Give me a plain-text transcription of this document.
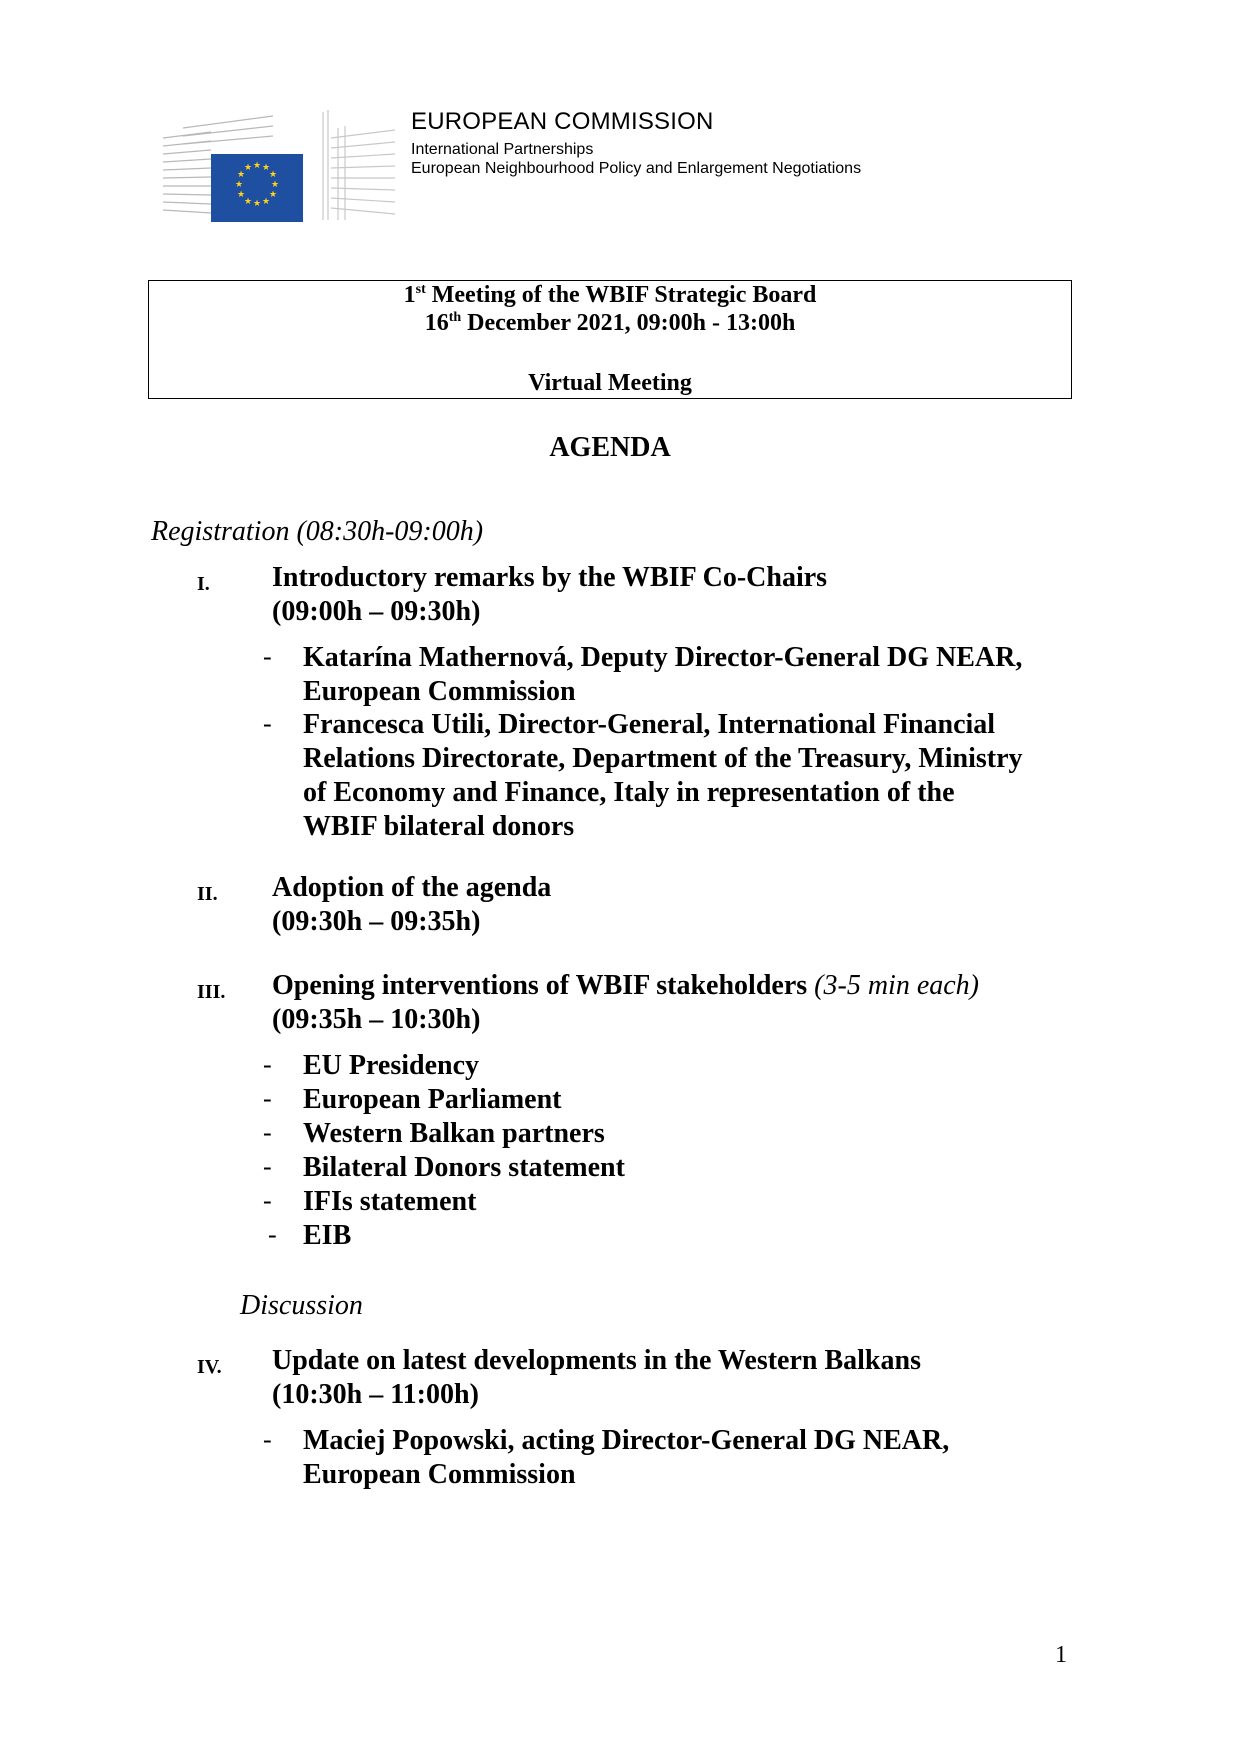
★ ★
★
★
★
★
★
★
★
★
★
★
EUROPEAN COMMISSION
International Partnerships
European Neighbourhood Policy and Enlargement Negotiations
1st Meeting of the WBIF Strategic Board
16th December 2021, 09:00h - 13:00h
Virtual Meeting
AGENDA
Registration (08:30h-09:00h)
I. Introductory remarks by the WBIF Co-Chairs
(09:00h – 09:30h)
- Katarína Mathernová, Deputy Director-General DG NEAR,
European Commission
- Francesca Utili, Director-General, International Financial
Relations Directorate, Department of the Treasury, Ministry
of Economy and Finance, Italy in representation of the
WBIF bilateral donors
II. Adoption of the agenda
(09:30h – 09:35h)
III. Opening interventions of WBIF stakeholders (3-5 min each)
(09:35h – 10:30h)
- EU Presidency
- European Parliament
- Western Balkan partners
- Bilateral Donors statement
- IFIs statement
- EIB
Discussion
IV. Update on latest developments in the Western Balkans
(10:30h – 11:00h)
- Maciej Popowski, acting Director-General DG NEAR,
European Commission
1
